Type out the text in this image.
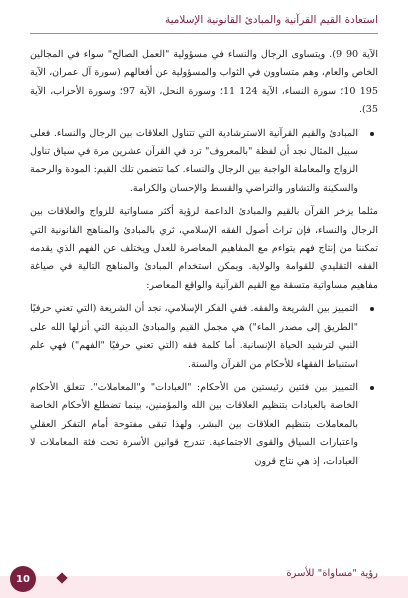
استعادة القيم القرآنية والمبادئ القانونية الإسلامية

الآية 90 9). ويتساوى الرجال والنساء في مسؤولية "العمل الصالح" سواء في المجالين الخاص والعام، وهم متساوون في الثواب والمسؤولية عن أفعالهم (سورة آل عمران، الآية 195 10؛ سورة النساء، الآية 124 11؛ وسورة النحل، الآية 97؛ وسورة الأحزاب، الآية 35).

المبادئ والقيم القرآنية الاسترشادية التي تتناول العلاقات بين الرجال والنساء. فعلى سبيل المثال نجد أن لفظة "بالمعروف" ترد في القرآن عشرين مرة في سياق تناول الزواج والمعاملة الواجبة بين الرجال والنساء. كما تتضمن تلك القيم: المودة والرحمة والسكينة والتشاور والتراضي والقسط والإحسان والكرامة.

مثلما يزخر القرآن بالقيم والمبادئ الداعمة لرؤية أكثر مساواتية للزواج والعلاقات بين الرجال والنساء، فإن تراث أصول الفقه الإسلامي، ثري بالمبادئ والمناهج القانونية التي تمكننا من إنتاج فهم يتواءم مع المفاهيم المعاصرة للعدل ويختلف عن الفهم الذي يقدمه الفقه التقليدي للقوامة والولاية. ويمكن استخدام المبادئ والمناهج التالية في صياغة مفاهيم مساواتية متسقة مع القيم القرآنية والواقع المعاصر:

التمييز بين الشريعة والفقه. ففي الفكر الإسلامي، نجد أن الشريعة (التي تعني حرفيًا "الطريق إلى مصدر الماء") هي مجمل القيم والمبادئ الدينية التي أنزلها الله على النبي لترشيد الحياة الإنسانية. أما كلمة فقه (التي تعني حرفيًا "الفهم") فهي علم استنباط الفقهاء للأحكام من القرآن والسنة.

التمييز بين فئتين رئيستين من الأحكام: "العبادات" و"المعاملات". تتعلق الأحكام الخاصة بالعبادات بتنظيم العلاقات بين الله والمؤمنين، بينما تضطلع الأحكام الخاصة بالمعاملات بتنظيم العلاقات بين البشر، ولهذا تبقى مفتوحة أمام التفكر العقلي واعتبارات السياق والقوى الاجتماعية. تندرج قوانين الأسرة تحت فئة المعاملات لا العبادات، إذ هي نتاج قرون

10	رؤية "مساواة" للأسرة
